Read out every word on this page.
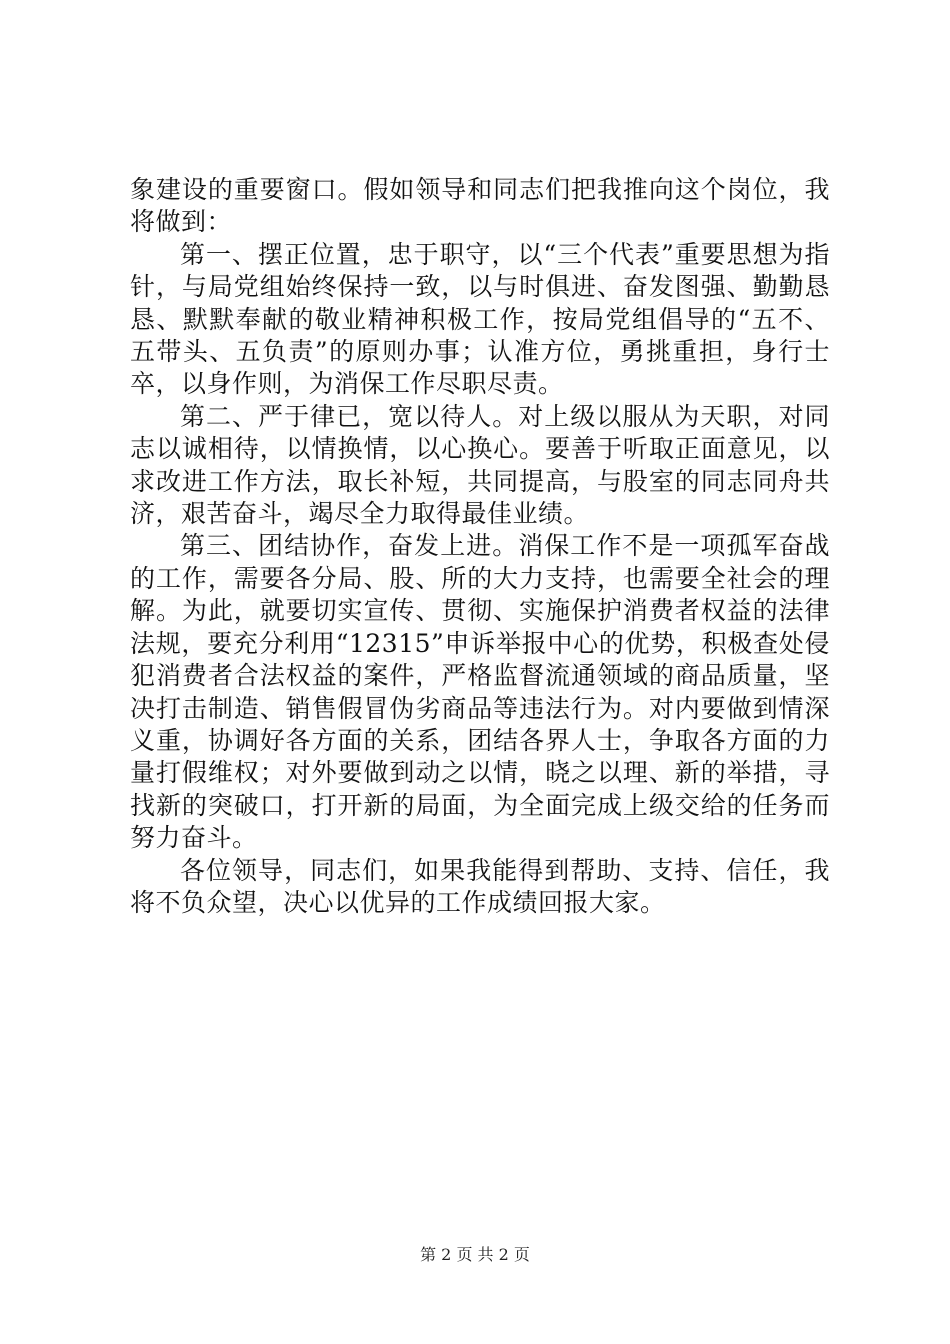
象建设的重要窗口。假如领导和同志们把我推向这个岗位，我将做到：

第一、摆正位置，忠于职守，以“三个代表”重要思想为指针，与局党组始终保持一致，以与时俱进、奋发图强、勤勤恳恳、默默奉献的敬业精神积极工作，按局党组倡导的“五不、五带头、五负责”的原则办事；认准方位，勇挑重担，身行士卒，以身作则，为消保工作尽职尽责。

第二、严于律已，宽以待人。对上级以服从为天职，对同志以诚相待，以情换情，以心换心。要善于听取正面意见，以求改进工作方法，取长补短，共同提高，与股室的同志同舟共济，艰苦奋斗，竭尽全力取得最佳业绩。

第三、团结协作，奋发上进。消保工作不是一项孤军奋战的工作，需要各分局、股、所的大力支持，也需要全社会的理解。为此，就要切实宣传、贯彻、实施保护消费者权益的法律法规，要充分利用“12315”申诉举报中心的优势，积极查处侵犯消费者合法权益的案件，严格监督流通领域的商品质量，坚决打击制造、销售假冒伪劣商品等违法行为。对内要做到情深义重，协调好各方面的关系，团结各界人士，争取各方面的力量打假维权；对外要做到动之以情，晓之以理、新的举措，寻找新的突破口，打开新的局面，为全面完成上级交给的任务而努力奋斗。

各位领导，同志们，如果我能得到帮助、支持、信任，我将不负众望，决心以优异的工作成绩回报大家。

第 2 页 共 2 页
